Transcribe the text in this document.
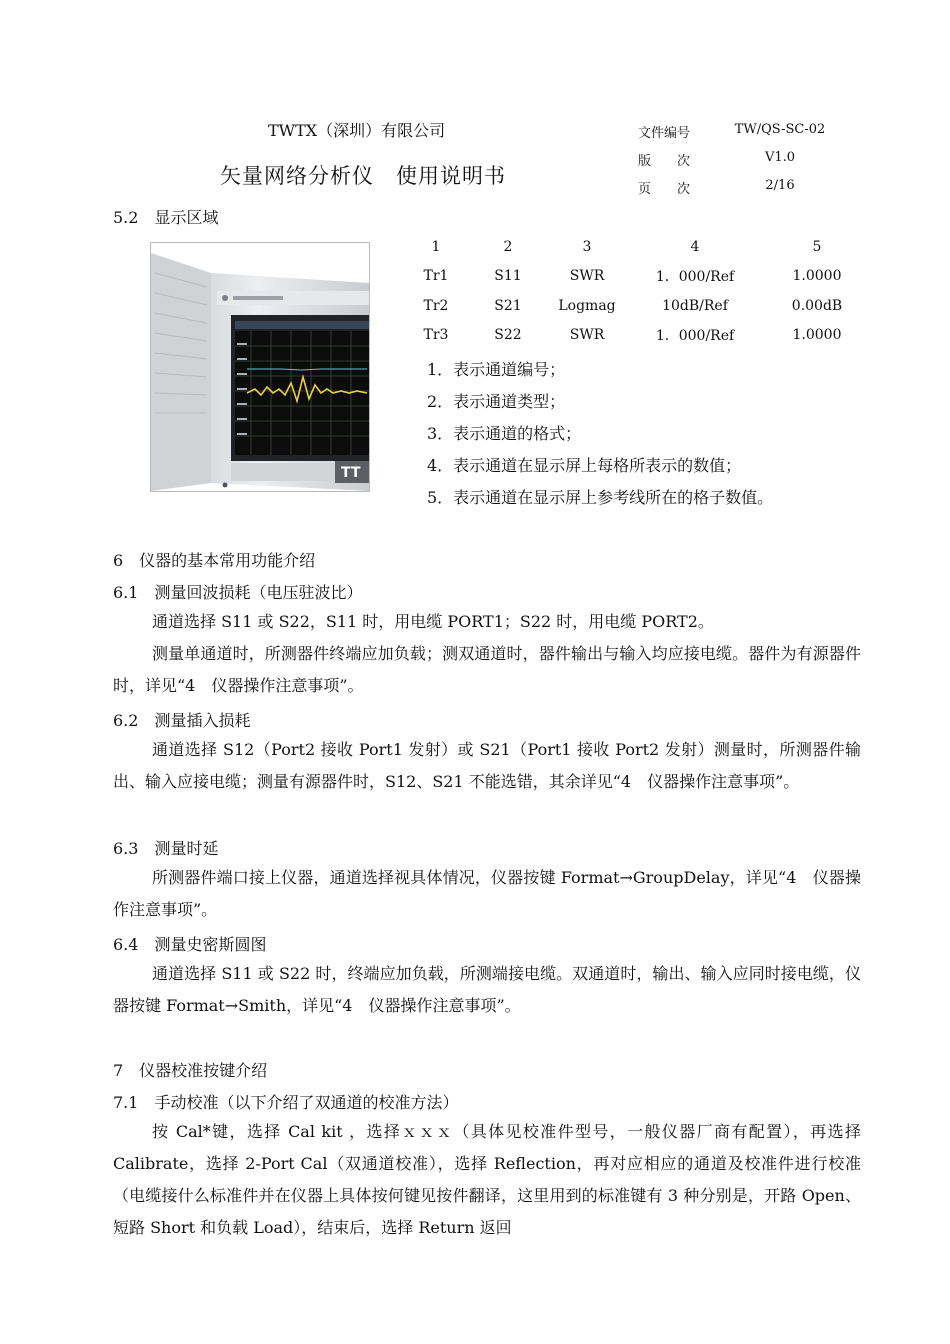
TWTX（深圳）有限公司
矢量网络分析仪　使用说明书
文件编号	TW/QS-SC-02
版　　次	V1.0
页　　次	2/16
5.2　显示区域
TT
1	2	3	4	5
Tr1	S11	SWR	1．000/Ref	1.0000
Tr2	S21	Logmag	10dB/Ref	0.00dB
Tr3	S22	SWR	1．000/Ref	1.0000
1．表示通道编号；
2．表示通道类型；
3．表示通道的格式；
4．表示通道在显示屏上每格所表示的数值；
5．表示通道在显示屏上参考线所在的格子数值。
6　仪器的基本常用功能介绍
6.1　测量回波损耗（电压驻波比）
通道选择 S11 或 S22，S11 时，用电缆 PORT1；S22 时，用电缆 PORT2。
测量单通道时，所测器件终端应加负载；测双通道时，器件输出与输入均应接电缆。器件为有源器件时，详见“4　仪器操作注意事项”。
6.2　测量插入损耗
通道选择 S12（Port2 接收 Port1 发射）或 S21（Port1 接收 Port2 发射）测量时，所测器件输出、输入应接电缆；测量有源器件时，S12、S21 不能选错，其余详见“4　仪器操作注意事项”。
6.3　测量时延
所测器件端口接上仪器，通道选择视具体情况，仪器按键 Format→GroupDelay，详见“4　仪器操作注意事项”。
6.4　测量史密斯圆图
通道选择 S11 或 S22 时，终端应加负载，所测端接电缆。双通道时，输出、输入应同时接电缆，仪器按键 Format→Smith，详见“4　仪器操作注意事项”。
7　仪器校准按键介绍
7.1　手动校准（以下介绍了双通道的校准方法）
按 Cal*键，选择 Cal kit ，选择ｘｘｘ（具体见校准件型号，一般仪器厂商有配置），再选择 Calibrate，选择 2-Port Cal（双通道校准），选择 Reflection，再对应相应的通道及校准件进行校准（电缆接什么标准件并在仪器上具体按何键见按件翻译，这里用到的标准键有 3 种分别是，开路 Open、短路 Short 和负载 Load），结束后，选择 Return 返回
